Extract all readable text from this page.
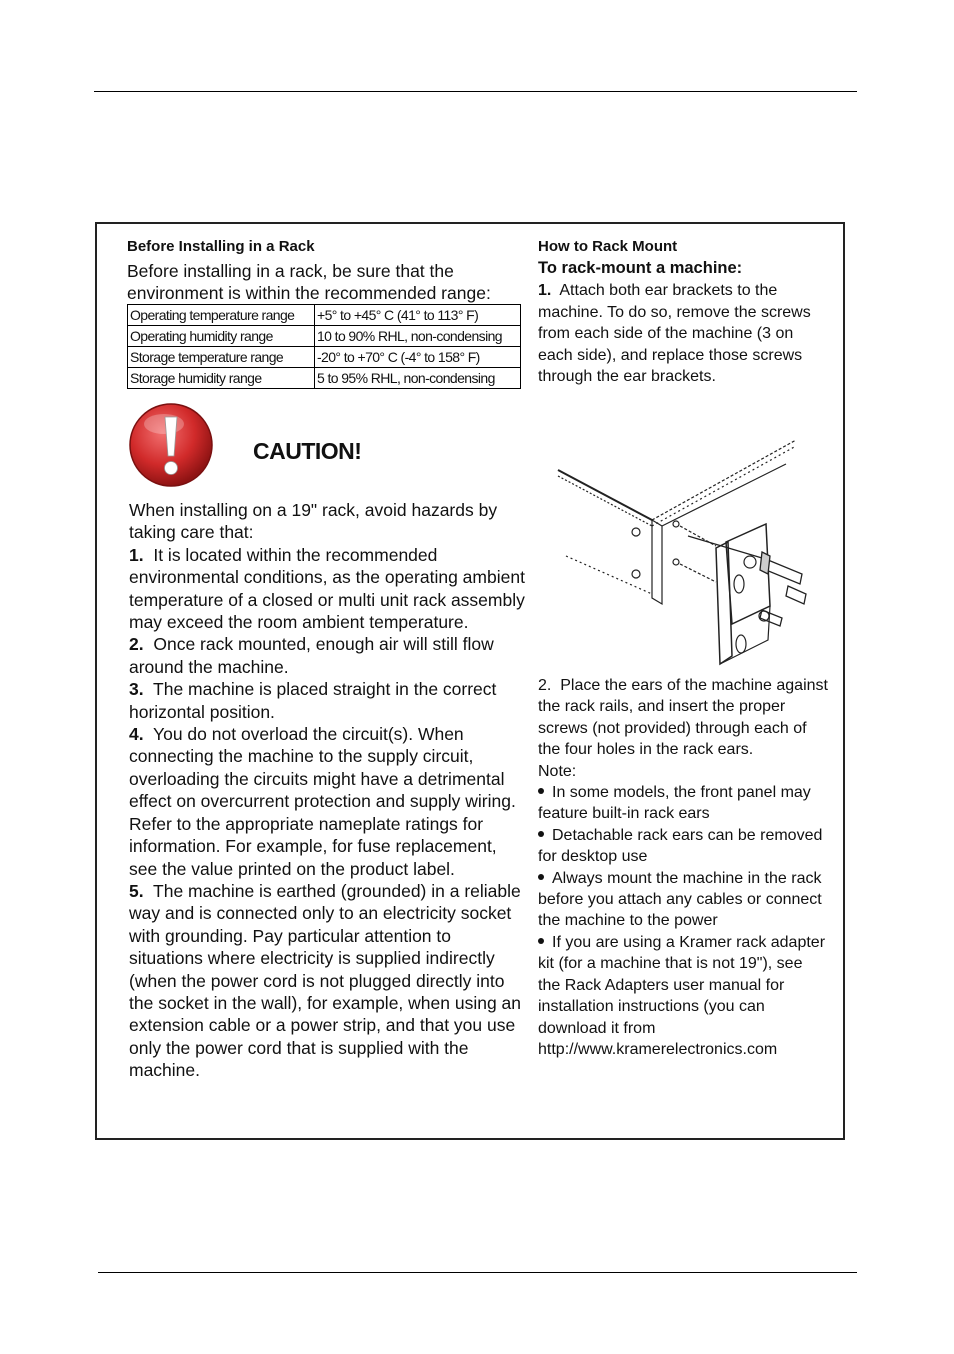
Before Installing in a Rack

Before installing in a rack, be sure that the environment is within the recommended range:

Operating temperature range	+5° to +45° C (41° to 113° F)
Operating humidity range	10 to 90% RHL, non-condensing
Storage temperature range	-20° to +70° C (-4° to 158° F)
Storage humidity range	5 to 95% RHL, non-condensing
CAUTION!

When installing on a 19" rack, avoid hazards by taking care that:

1. It is located within the recommended environmental conditions, as the operating ambient temperature of a closed or multi unit rack assembly may exceed the room ambient temperature.

2. Once rack mounted, enough air will still flow around the machine.

3. The machine is placed straight in the correct horizontal position.

4. You do not overload the circuit(s). When connecting the machine to the supply circuit, overloading the circuits might have a detrimental effect on overcurrent protection and supply wiring. Refer to the appropriate nameplate ratings for information. For example, for fuse replacement, see the value printed on the product label.

5. The machine is earthed (grounded) in a reliable way and is connected only to an electricity socket with grounding. Pay particular attention to situations where electricity is supplied indirectly (when the power cord is not plugged directly into the socket in the wall), for example, when using an extension cable or a power strip, and that you use only the power cord that is supplied with the machine.

How to Rack Mount

To rack-mount a machine:

1. Attach both ear brackets to the machine. To do so, remove the screws from each side of the machine (3 on each side), and replace those screws through the ear brackets.

2.  Place the ears of the machine against the rack rails, and insert the proper screws (not provided) through each of the four holes in the rack ears.

Note:

In some models, the front panel may feature built-in rack ears

Detachable rack ears can be removed for desktop use

Always mount the machine in the rack before you attach any cables or connect the machine to the power

If you are using a Kramer rack adapter kit (for a machine that is not 19"), see the Rack Adapters user manual for installation instructions (you can download it from

http://www.kramerelectronics.com
